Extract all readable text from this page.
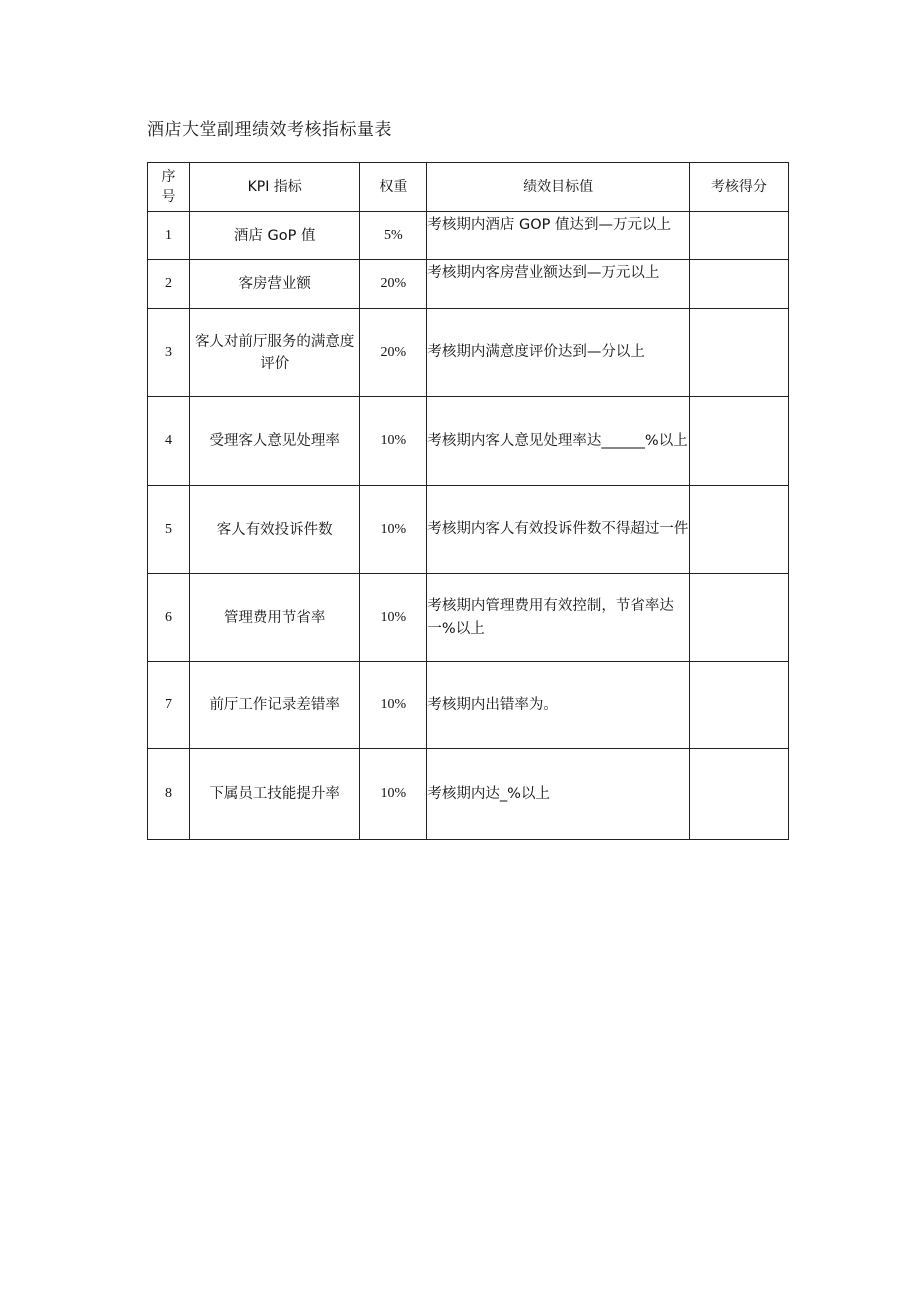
酒店大堂副理绩效考核指标量表
序
号	KPI 指标	权重	绩效目标值	考核得分
1	酒店 GoP 值	5%	考核期内酒店 GOP 值达到—万元以上	
2	客房营业额	20%	考核期内客房营业额达到—万元以上	
3	客人对前厅服务的满意度评价	20%	考核期内满意度评价达到—分以上	
4	受理客人意见处理率	10%	考核期内客人意见处理率达______%以上	
5	客人有效投诉件数	10%	考核期内客人有效投诉件数不得超过一件	
6	管理费用节省率	10%	考核期内管理费用有效控制，节省率达一%以上	
7	前厅工作记录差错率	10%	考核期内出错率为。	
8	下属员工技能提升率	10%	考核期内达_%以上	
